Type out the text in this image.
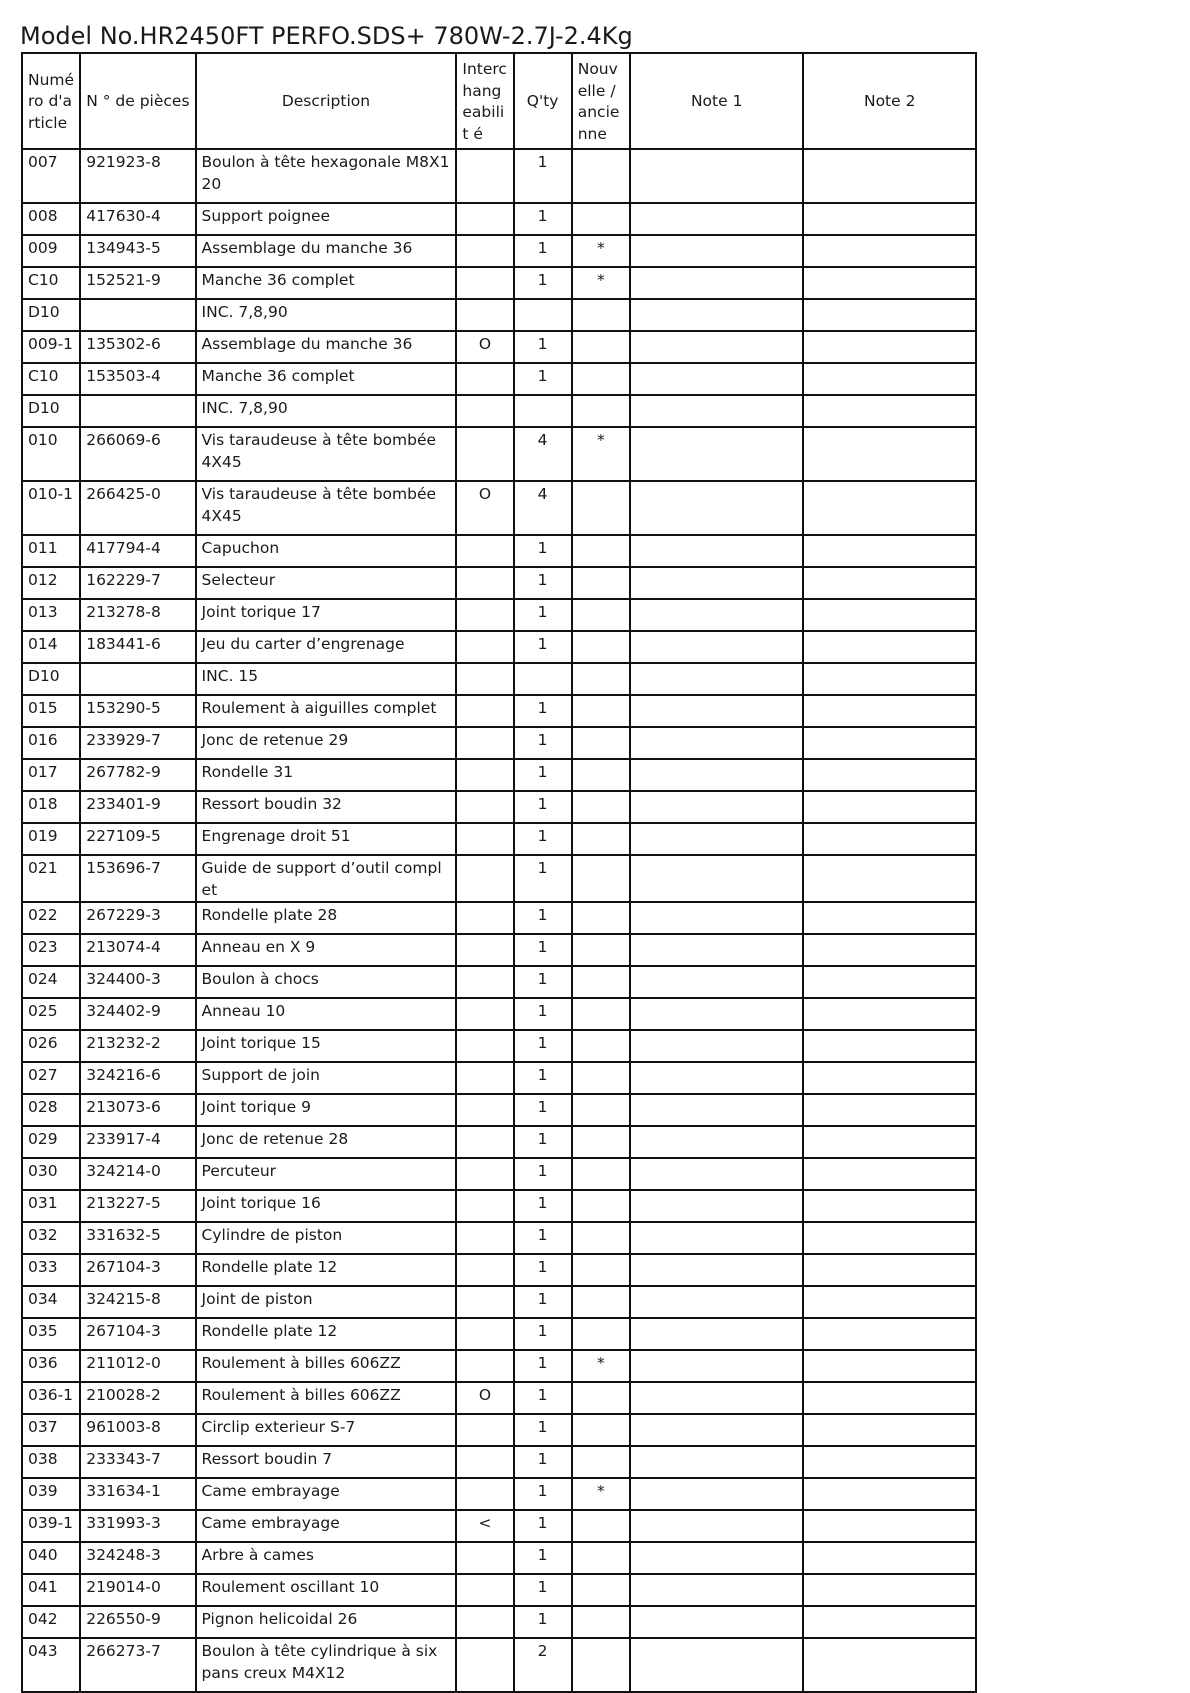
Model No.HR2450FT PERFO.SDS+ 780W-2.7J-2.4Kg
Numé ro d'a rticle	N ° de pièces	Description	Interc hang eabilit é	Q'ty	Nouv elle / ancie nne	Note 1	Note 2
007	921923-8	Boulon à tête hexagonale M8X120		1			
008	417630-4	Support poignee		1			
009	134943-5	Assemblage du manche 36		1	*		
C10	152521-9	Manche 36 complet		1	*		
D10		INC. 7,8,90					
009-1	135302-6	Assemblage du manche 36	O	1			
C10	153503-4	Manche 36 complet		1			
D10		INC. 7,8,90					
010	266069-6	Vis taraudeuse à tête bombée 4X45		4	*		
010-1	266425-0	Vis taraudeuse à tête bombée 4X45	O	4			
011	417794-4	Capuchon		1			
012	162229-7	Selecteur		1			
013	213278-8	Joint torique 17		1			
014	183441-6	Jeu du carter d’engrenage		1			
D10		INC. 15					
015	153290-5	Roulement à aiguilles complet		1			
016	233929-7	Jonc de retenue 29		1			
017	267782-9	Rondelle 31		1			
018	233401-9	Ressort boudin 32		1			
019	227109-5	Engrenage droit 51		1			
021	153696-7	Guide de support d’outil complet		1			
022	267229-3	Rondelle plate 28		1			
023	213074-4	Anneau en X 9		1			
024	324400-3	Boulon à chocs		1			
025	324402-9	Anneau 10		1			
026	213232-2	Joint torique 15		1			
027	324216-6	Support de join		1			
028	213073-6	Joint torique 9		1			
029	233917-4	Jonc de retenue 28		1			
030	324214-0	Percuteur		1			
031	213227-5	Joint torique 16		1			
032	331632-5	Cylindre de piston		1			
033	267104-3	Rondelle plate 12		1			
034	324215-8	Joint de piston		1			
035	267104-3	Rondelle plate 12		1			
036	211012-0	Roulement à billes 606ZZ		1	*		
036-1	210028-2	Roulement à billes 606ZZ	O	1			
037	961003-8	Circlip exterieur S-7		1			
038	233343-7	Ressort boudin 7		1			
039	331634-1	Came embrayage		1	*		
039-1	331993-3	Came embrayage	<	1			
040	324248-3	Arbre à cames		1			
041	219014-0	Roulement oscillant 10		1			
042	226550-9	Pignon helicoidal 26		1			
043	266273-7	Boulon à tête cylindrique à six pans creux M4X12		2			
